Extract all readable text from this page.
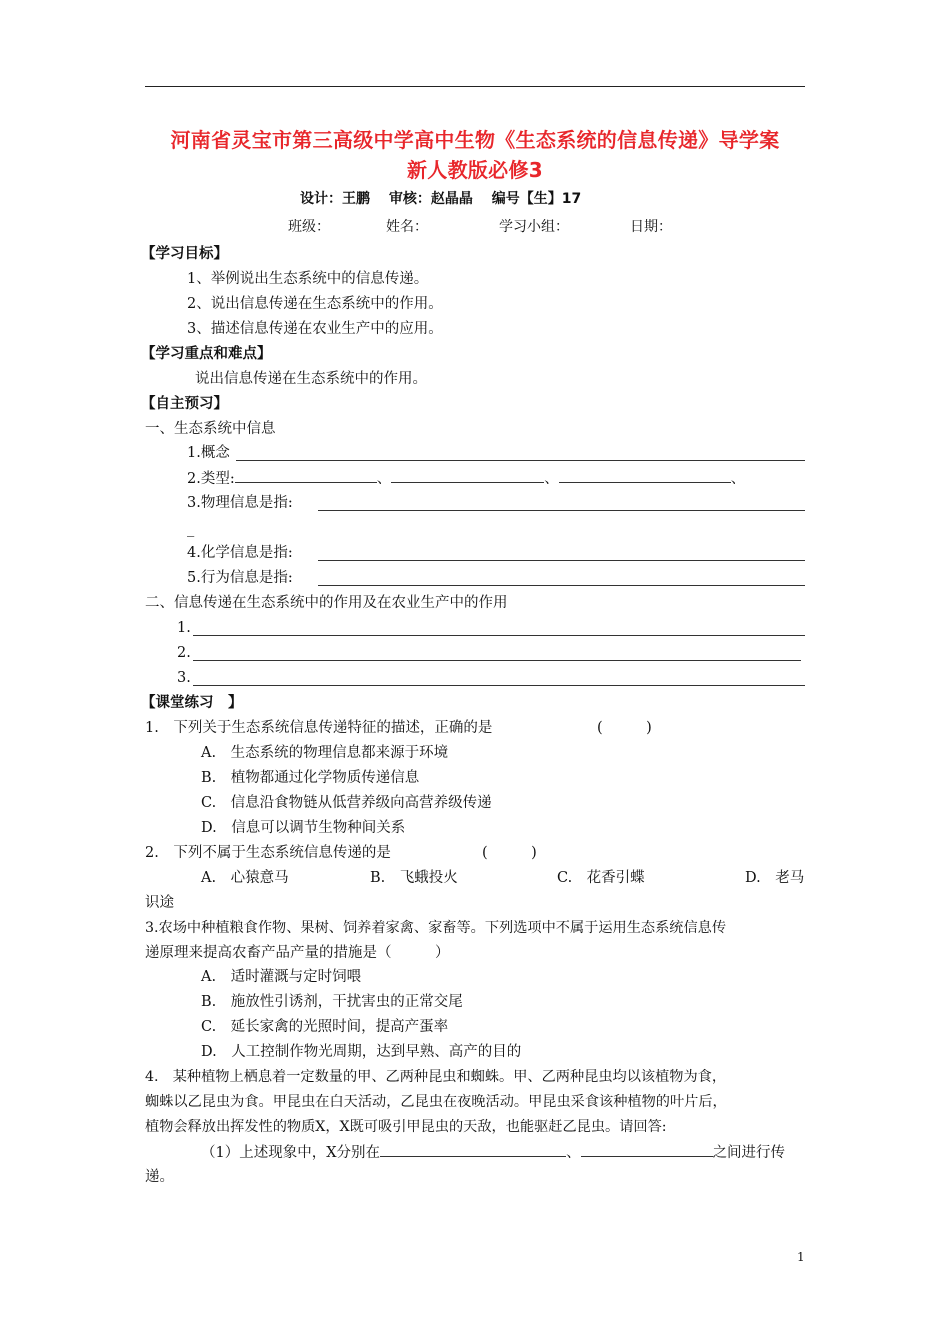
河南省灵宝市第三高级中学高中生物《生态系统的信息传递》导学案
新人教版必修3
设计：王鹏 审核：赵晶晶 编号【生】17
班级：	姓名：	学习小组：	日期：
【学习目标】
1、举例说出生态系统中的信息传递。
2、说出信息传递在生态系统中的作用。
3、描述信息传递在农业生产中的应用。
【学习重点和难点】
说出信息传递在生态系统中的作用。
【自主预习】
一、生态系统中信息
1.概念
2.类型:	、	、	、
3.物理信息是指:
_
4.化学信息是指:
5.行为信息是指:
二、信息传递在生态系统中的作用及在农业生产中的作用
1.
2.
3.
【课堂练习　】
1.　下列关于生态系统信息传递特征的描述，正确的是	(　　　)
A.　生态系统的物理信息都来源于环境
B.　植物都通过化学物质传递信息
C.　信息沿食物链从低营养级向高营养级传递
D.　信息可以调节生物种间关系
2.　下列不属于生态系统信息传递的是	(　　　)
A.　心猿意马	B.　飞蛾投火	C.　花香引蝶	D.　老马
识途
3.农场中种植粮食作物、果树、饲养着家禽、家畜等。下列选项中不属于运用生态系统信息传
递原理来提高农畜产品产量的措施是（　　　）
A.　适时灌溉与定时饲喂
B.　施放性引诱剂，干扰害虫的正常交尾
C.　延长家禽的光照时间，提高产蛋率
D.　人工控制作物光周期，达到早熟、高产的目的
4.　某种植物上栖息着一定数量的甲、乙两种昆虫和蜘蛛。甲、乙两种昆虫均以该植物为食，
蜘蛛以乙昆虫为食。甲昆虫在白天活动，乙昆虫在夜晚活动。甲昆虫采食该种植物的叶片后，
植物会释放出挥发性的物质X，X既可吸引甲昆虫的天敌，也能驱赶乙昆虫。请回答:
（1）上述现象中，X分别在	、	之间进行传
递。
1
